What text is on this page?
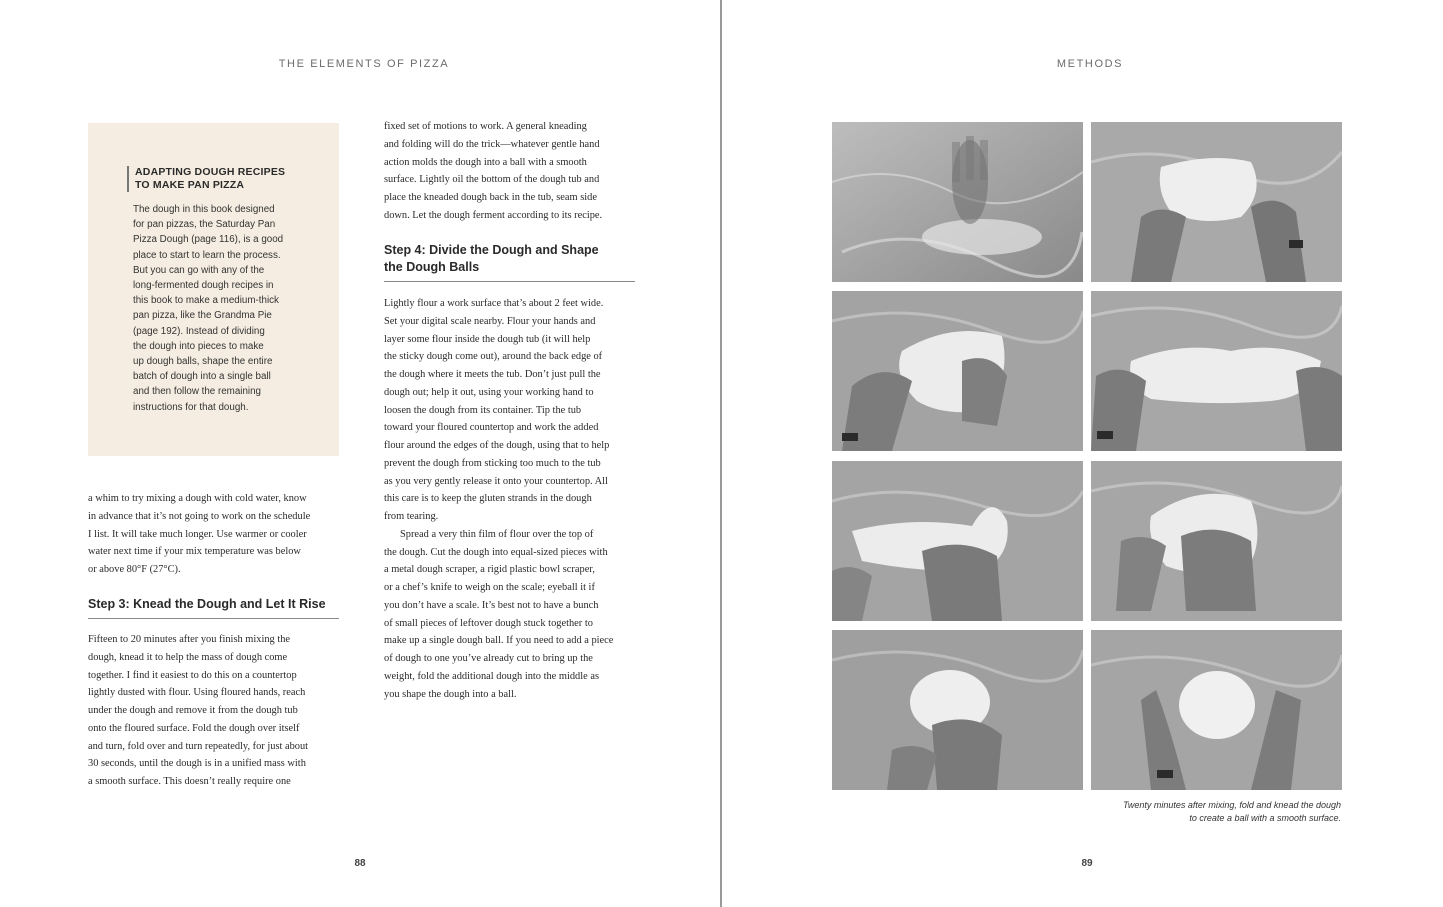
THE ELEMENTS OF PIZZA
ADAPTING DOUGH RECIPES
TO MAKE PAN PIZZA
The dough in this book designed
for pan pizzas, the Saturday Pan
Pizza Dough (page 116), is a good
place to start to learn the process.
But you can go with any of the
long-fermented dough recipes in
this book to make a medium-thick
pan pizza, like the Grandma Pie
(page 192). Instead of dividing
the dough into pieces to make
up dough balls, shape the entire
batch of dough into a single ball
and then follow the remaining
instructions for that dough.
a whim to try mixing a dough with cold water, know
in advance that it’s not going to work on the schedule
I list. It will take much longer. Use warmer or cooler
water next time if your mix temperature was below
or above 80°F (27°C).
Step 3: Knead the Dough and Let It Rise
Fifteen to 20 minutes after you finish mixing the
dough, knead it to help the mass of dough come
together. I find it easiest to do this on a countertop
lightly dusted with flour. Using floured hands, reach
under the dough and remove it from the dough tub
onto the floured surface. Fold the dough over itself
and turn, fold over and turn repeatedly, for just about
30 seconds, until the dough is in a unified mass with
a smooth surface. This doesn’t really require one
fixed set of motions to work. A general kneading
and folding will do the trick—whatever gentle hand
action molds the dough into a ball with a smooth
surface. Lightly oil the bottom of the dough tub and
place the kneaded dough back in the tub, seam side
down. Let the dough ferment according to its recipe.
Step 4: Divide the Dough and Shape
the Dough Balls
Lightly flour a work surface that’s about 2 feet wide.
Set your digital scale nearby. Flour your hands and
layer some flour inside the dough tub (it will help
the sticky dough come out), around the back edge of
the dough where it meets the tub. Don’t just pull the
dough out; help it out, using your working hand to
loosen the dough from its container. Tip the tub
toward your floured countertop and work the added
flour around the edges of the dough, using that to help
prevent the dough from sticking too much to the tub
as you very gently release it onto your countertop. All
this care is to keep the gluten strands in the dough
from tearing.
Spread a very thin film of flour over the top of
the dough. Cut the dough into equal-sized pieces with
a metal dough scraper, a rigid plastic bowl scraper,
or a chef’s knife to weigh on the scale; eyeball it if
you don’t have a scale. It’s best not to have a bunch
of small pieces of leftover dough stuck together to
make up a single dough ball. If you need to add a piece
of dough to one you’ve already cut to bring up the
weight, fold the additional dough into the middle as
you shape the dough into a ball.
88
METHODS
Twenty minutes after mixing, fold and knead the dough
to create a ball with a smooth surface.
89
